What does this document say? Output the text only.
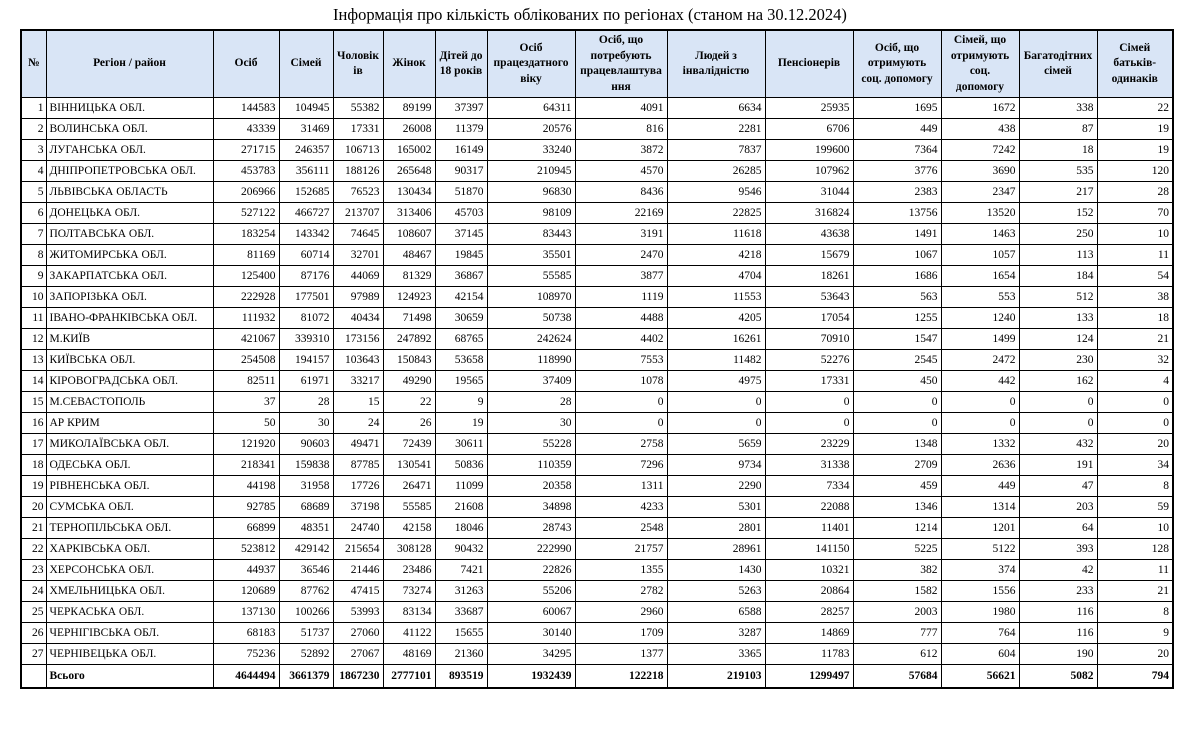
Інформація про кількість облікованих по регіонах (станом на 30.12.2024)
№	Регіон / район	Осіб	Сімей	Чоловіків	Жінок	Дітей до 18 років	Осіб працездатного віку	Осіб, що потребують працевлаштування	Людей з інвалідністю	Пенсіонерів	Осіб, що отримують соц. допомогу	Сімей, що отримують соц. допомогу	Багатодітних сімей	Сімей батьків-одинаків
1	ВІННИЦЬКА ОБЛ.	144583	104945	55382	89199	37397	64311	4091	6634	25935	1695	1672	338	22
2	ВОЛИНСЬКА ОБЛ.	43339	31469	17331	26008	11379	20576	816	2281	6706	449	438	87	19
3	ЛУГАНСЬКА ОБЛ.	271715	246357	106713	165002	16149	33240	3872	7837	199600	7364	7242	18	19
4	ДНІПРОПЕТРОВСЬКА ОБЛ.	453783	356111	188126	265648	90317	210945	4570	26285	107962	3776	3690	535	120
5	ЛЬВІВСЬКА ОБЛАСТЬ	206966	152685	76523	130434	51870	96830	8436	9546	31044	2383	2347	217	28
6	ДОНЕЦЬКА ОБЛ.	527122	466727	213707	313406	45703	98109	22169	22825	316824	13756	13520	152	70
7	ПОЛТАВСЬКА ОБЛ.	183254	143342	74645	108607	37145	83443	3191	11618	43638	1491	1463	250	10
8	ЖИТОМИРСЬКА ОБЛ.	81169	60714	32701	48467	19845	35501	2470	4218	15679	1067	1057	113	11
9	ЗАКАРПАТСЬКА ОБЛ.	125400	87176	44069	81329	36867	55585	3877	4704	18261	1686	1654	184	54
10	ЗАПОРІЗЬКА ОБЛ.	222928	177501	97989	124923	42154	108970	1119	11553	53643	563	553	512	38
11	ІВАНО-ФРАНКІВСЬКА ОБЛ.	111932	81072	40434	71498	30659	50738	4488	4205	17054	1255	1240	133	18
12	М.КИЇВ	421067	339310	173156	247892	68765	242624	4402	16261	70910	1547	1499	124	21
13	КИЇВСЬКА ОБЛ.	254508	194157	103643	150843	53658	118990	7553	11482	52276	2545	2472	230	32
14	КІРОВОГРАДСЬКА ОБЛ.	82511	61971	33217	49290	19565	37409	1078	4975	17331	450	442	162	4
15	М.СЕВАСТОПОЛЬ	37	28	15	22	9	28	0	0	0	0	0	0	0
16	АР КРИМ	50	30	24	26	19	30	0	0	0	0	0	0	0
17	МИКОЛАЇВСЬКА ОБЛ.	121920	90603	49471	72439	30611	55228	2758	5659	23229	1348	1332	432	20
18	ОДЕСЬКА ОБЛ.	218341	159838	87785	130541	50836	110359	7296	9734	31338	2709	2636	191	34
19	РІВНЕНСЬКА ОБЛ.	44198	31958	17726	26471	11099	20358	1311	2290	7334	459	449	47	8
20	СУМСЬКА ОБЛ.	92785	68689	37198	55585	21608	34898	4233	5301	22088	1346	1314	203	59
21	ТЕРНОПІЛЬСЬКА ОБЛ.	66899	48351	24740	42158	18046	28743	2548	2801	11401	1214	1201	64	10
22	ХАРКІВСЬКА ОБЛ.	523812	429142	215654	308128	90432	222990	21757	28961	141150	5225	5122	393	128
23	ХЕРСОНСЬКА ОБЛ.	44937	36546	21446	23486	7421	22826	1355	1430	10321	382	374	42	11
24	ХМЕЛЬНИЦЬКА ОБЛ.	120689	87762	47415	73274	31263	55206	2782	5263	20864	1582	1556	233	21
25	ЧЕРКАСЬКА ОБЛ.	137130	100266	53993	83134	33687	60067	2960	6588	28257	2003	1980	116	8
26	ЧЕРНІГІВСЬКА ОБЛ.	68183	51737	27060	41122	15655	30140	1709	3287	14869	777	764	116	9
27	ЧЕРНІВЕЦЬКА ОБЛ.	75236	52892	27067	48169	21360	34295	1377	3365	11783	612	604	190	20
	Всього	4644494	3661379	1867230	2777101	893519	1932439	122218	219103	1299497	57684	56621	5082	794
